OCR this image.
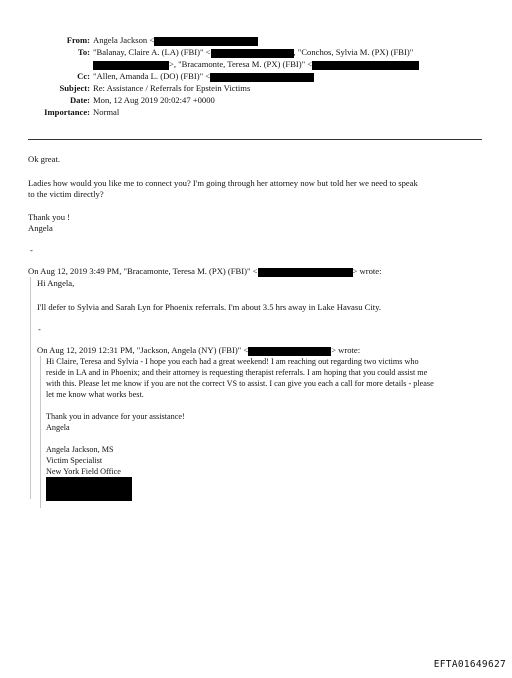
From: Angela Jackson <
To: "Balanay, Claire A. (LA) (FBI)" <	, "Conchos, Sylvia M. (PX) (FBI)"
>, "Bracamonte, Teresa M. (PX) (FBI)" <
Cc: "Allen, Amanda L. (DO) (FBI)" <
Subject: Re: Assistance / Referrals for Epstein Victims
Date: Mon, 12 Aug 2019 20:02:47 +0000
Importance: Normal
Ok great.
Ladies how would you like me to connect you? I'm going through her attorney now but told her we need to speak
to the victim directly?
Thank you !
Angela
-
On Aug 12, 2019 3:49 PM, "Bracamonte, Teresa M. (PX) (FBI)" <	> wrote:
Hi Angela,
I'll defer to Sylvia and Sarah Lyn for Phoenix referrals. I'm about 3.5 hrs away in Lake Havasu City.
-
On Aug 12, 2019 12:31 PM, "Jackson, Angela (NY) (FBI)" <	> wrote:
Hi Claire, Teresa and Sylvia - I hope you each had a great weekend! I am reaching out regarding two victims who
reside in LA and in Phoenix; and their attorney is requesting therapist referrals. I am hoping that you could assist me
with this. Please let me know if you are not the correct VS to assist. I can give you each a call for more details - please
let me know what works best.
Thank you in advance for your assistance!
Angela
Angela Jackson, MS
Victim Specialist
New York Field Office
EFTA01649627
